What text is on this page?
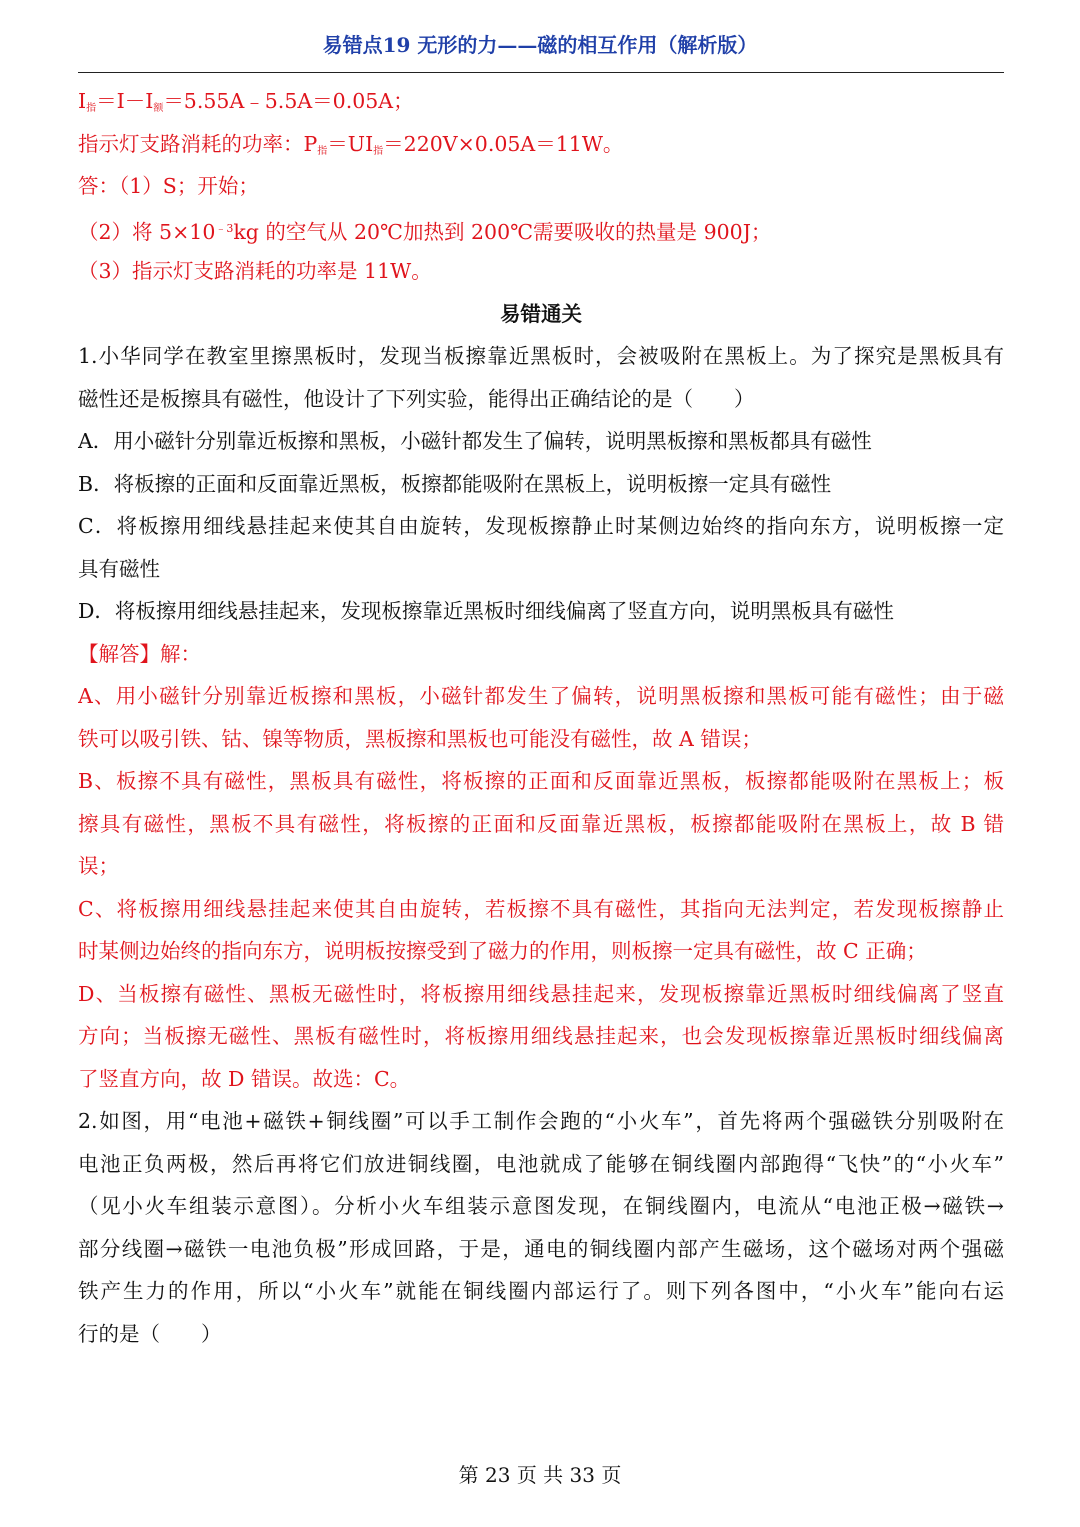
易错点19 无形的力——磁的相互作用（解析版）
$I_指=I-I_额=5.55A﹣5.5A=0.05A$；
指示灯支路消耗的功率：$P_指=UI_指=220V\times 0.05A=11W$。
答：（1）S；开始；
（2）将 $5\times 10^{﹣3}kg$ 的空气从 20℃加热到 200℃需要吸收的热量是 900J；
（3）指示灯支路消耗的功率是 11W。
易错通关
1.小华同学在教室里擦黑板时，发现当板擦靠近黑板时，会被吸附在黑板上。为了探究是黑板具有
磁性还是板擦具有磁性，他设计了下列实验，能得出正确结论的是（　　）
A．用小磁针分别靠近板擦和黑板，小磁针都发生了偏转，说明黑板擦和黑板都具有磁性
B．将板擦的正面和反面靠近黑板，板擦都能吸附在黑板上，说明板擦一定具有磁性
C．将板擦用细线悬挂起来使其自由旋转，发现板擦静止时某侧边始终的指向东方，说明板擦一定
具有磁性
D．将板擦用细线悬挂起来，发现板擦靠近黑板时细线偏离了竖直方向，说明黑板具有磁性
【解答】解：
A、用小磁针分别靠近板擦和黑板，小磁针都发生了偏转，说明黑板擦和黑板可能有磁性；由于磁
铁可以吸引铁、钴、镍等物质，黑板擦和黑板也可能没有磁性，故 A 错误；
B、板擦不具有磁性，黑板具有磁性，将板擦的正面和反面靠近黑板，板擦都能吸附在黑板上；板
擦具有磁性，黑板不具有磁性，将板擦的正面和反面靠近黑板，板擦都能吸附在黑板上，故 B 错
误；
C、将板擦用细线悬挂起来使其自由旋转，若板擦不具有磁性，其指向无法判定，若发现板擦静止
时某侧边始终的指向东方，说明板按擦受到了磁力的作用，则板擦一定具有磁性，故 C 正确；
D、当板擦有磁性、黑板无磁性时，将板擦用细线悬挂起来，发现板擦靠近黑板时细线偏离了竖直
方向；当板擦无磁性、黑板有磁性时，将板擦用细线悬挂起来，也会发现板擦靠近黑板时细线偏离
了竖直方向，故 D 错误。故选：C。
2.如图，用“电池+磁铁+铜线圈”可以手工制作会跑的“小火车”，首先将两个强磁铁分别吸附在
电池正负两极，然后再将它们放进铜线圈，电池就成了能够在铜线圈内部跑得“飞快”的“小火车”
（见小火车组装示意图）。分析小火车组装示意图发现，在铜线圈内，电流从“电池正极→磁铁→
部分线圈→磁铁一电池负极”形成回路，于是，通电的铜线圈内部产生磁场，这个磁场对两个强磁
铁产生力的作用，所以“小火车”就能在铜线圈内部运行了。则下列各图中，“小火车”能向右运
行的是（　　）
第 23 页 共 33 页
